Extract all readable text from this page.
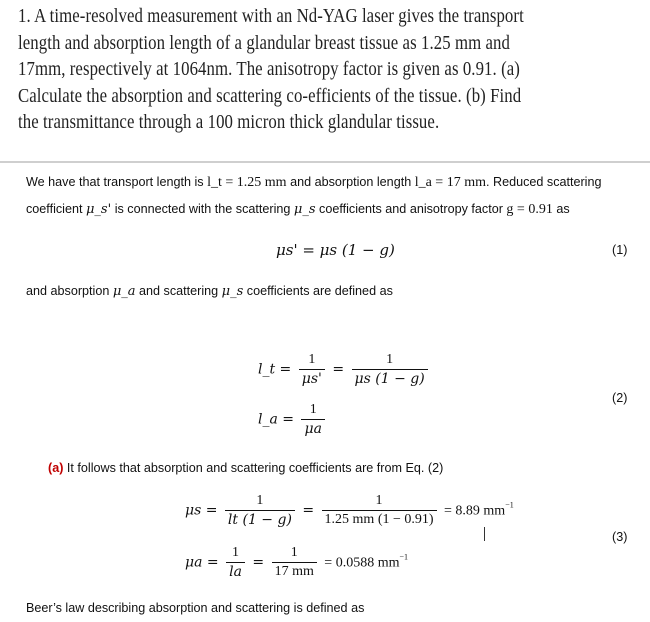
1. A time-resolved measurement with an Nd-YAG laser gives the transport length and absorption length of a glandular breast tissue as 1.25 mm and 17mm, respectively at 1064nm. The anisotropy factor is given as 0.91. (a) Calculate the absorption and scattering co-efficients of the tissue. (b) Find the transmittance through a 100 micron thick glandular tissue.
We have that transport length is l_t = 1.25 mm and absorption length l_a = 17 mm. Reduced scattering
coefficient μ_s' is connected with the scattering μ_s coefficients and anisotropy factor g = 0.91 as
μs' = μs (1 − g)	(1)
and absorption μ_a and scattering μ_s coefficients are defined as
l_t = $\frac{1}{\mu s'} = \frac{1}{\mu s (1 - g)}$
l_a = $\frac{1}{\mu a}$
(2)
(a) It follows that absorption and scattering coefficients are from Eq. (2)
$\mu s = \frac{1}{lt (1 - g)} = \frac{1}{1.25 mm (1 - 0.91)} = 8.89$ $mm^{-1}$
$\mu a = \frac{1}{la} = \frac{1}{17 mm} = 0.0588$ $mm^{-1}$
(3)
Beer’s law describing absorption and scattering is defined as
